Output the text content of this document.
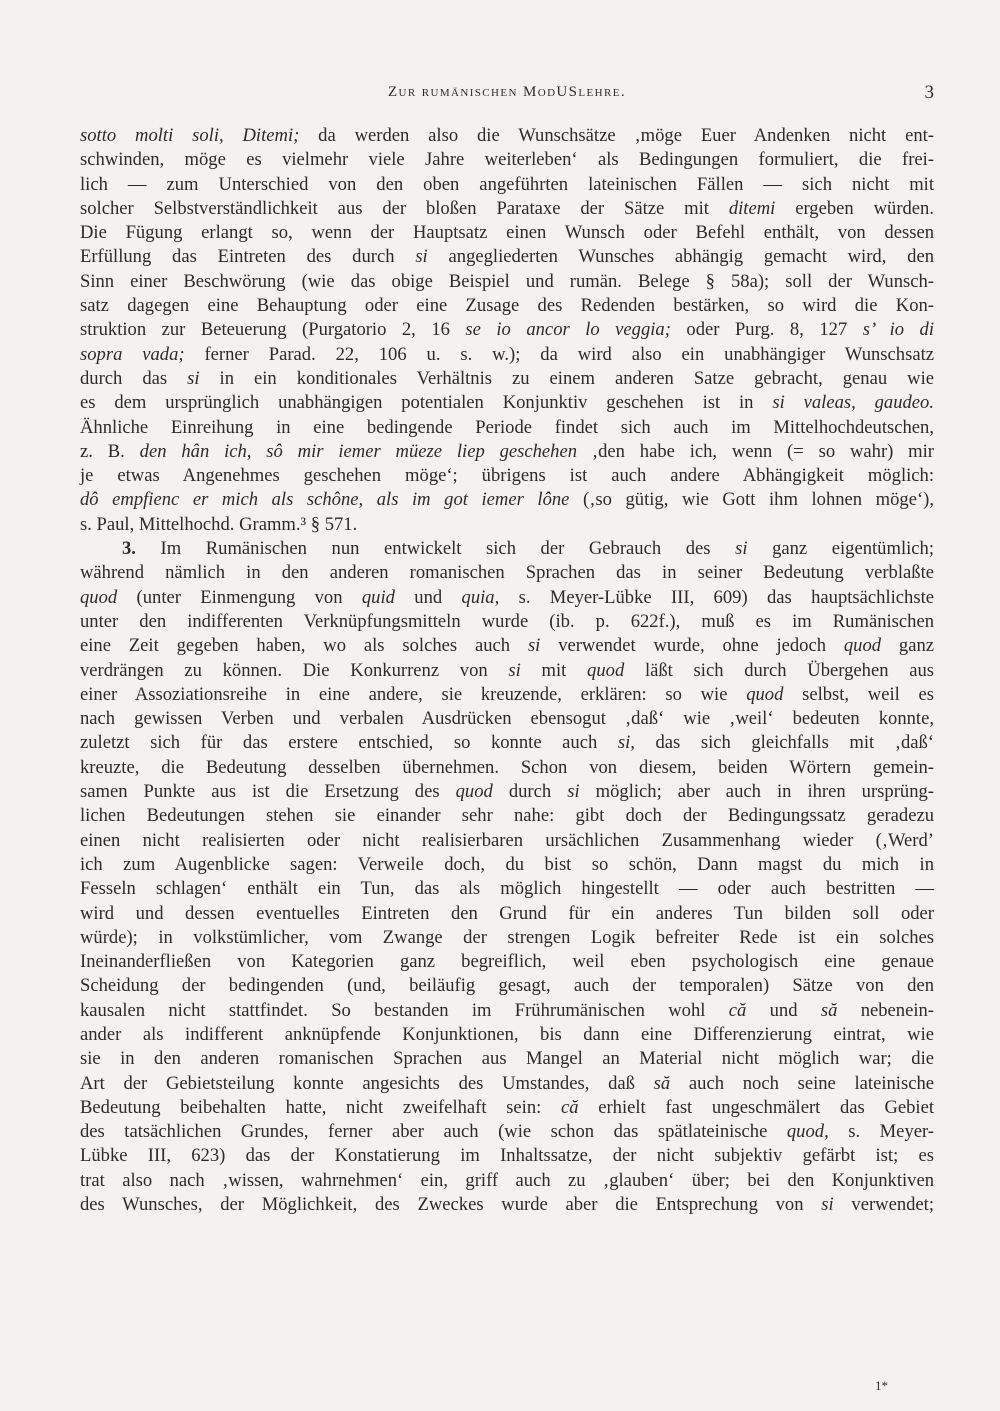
Zur rumänischen ModUSlehre.	3
sotto molti soli, Ditemi; da werden also die Wunschsätze ‚möge Euer Andenken nicht ent-
schwinden, möge es vielmehr viele Jahre weiterleben‘ als Bedingungen formuliert, die frei-
lich — zum Unterschied von den oben angeführten lateinischen Fällen — sich nicht mit
solcher Selbstverständlichkeit aus der bloßen Parataxe der Sätze mit ditemi ergeben würden.
Die Fügung erlangt so, wenn der Hauptsatz einen Wunsch oder Befehl enthält, von dessen
Erfüllung das Eintreten des durch si angegliederten Wunsches abhängig gemacht wird, den
Sinn einer Beschwörung (wie das obige Beispiel und rumän. Belege § 58a); soll der Wunsch-
satz dagegen eine Behauptung oder eine Zusage des Redenden bestärken, so wird die Kon-
struktion zur Beteuerung (Purgatorio 2, 16 se io ancor lo veggia; oder Purg. 8, 127 s’ io di
sopra vada; ferner Parad. 22, 106 u. s. w.); da wird also ein unabhängiger Wunschsatz
durch das si in ein konditionales Verhältnis zu einem anderen Satze gebracht, genau wie
es dem ursprünglich unabhängigen potentialen Konjunktiv geschehen ist in si valeas, gaudeo.
Ähnliche Einreihung in eine bedingende Periode findet sich auch im Mittelhochdeutschen,
z. B. den hân ich, sô mir iemer müeze liep geschehen ‚den habe ich, wenn (= so wahr) mir
je etwas Angenehmes geschehen möge‘; übrigens ist auch andere Abhängigkeit möglich:
dô empfienc er mich als schône, als im got iemer lône (‚so gütig, wie Gott ihm lohnen möge‘),
s. Paul, Mittelhochd. Gramm.³ § 571.
3. Im Rumänischen nun entwickelt sich der Gebrauch des si ganz eigentümlich;
während nämlich in den anderen romanischen Sprachen das in seiner Bedeutung verblaßte
quod (unter Einmengung von quid und quia, s. Meyer-Lübke III, 609) das hauptsächlichste
unter den indifferenten Verknüpfungsmitteln wurde (ib. p. 622f.), muß es im Rumänischen
eine Zeit gegeben haben, wo als solches auch si verwendet wurde, ohne jedoch quod ganz
verdrängen zu können. Die Konkurrenz von si mit quod läßt sich durch Übergehen aus
einer Assoziationsreihe in eine andere, sie kreuzende, erklären: so wie quod selbst, weil es
nach gewissen Verben und verbalen Ausdrücken ebensogut ‚daß‘ wie ‚weil‘ bedeuten konnte,
zuletzt sich für das erstere entschied, so konnte auch si, das sich gleichfalls mit ‚daß‘
kreuzte, die Bedeutung desselben übernehmen. Schon von diesem, beiden Wörtern gemein-
samen Punkte aus ist die Ersetzung des quod durch si möglich; aber auch in ihren ursprüng-
lichen Bedeutungen stehen sie einander sehr nahe: gibt doch der Bedingungssatz geradezu
einen nicht realisierten oder nicht realisierbaren ursächlichen Zusammenhang wieder (‚Werd’
ich zum Augenblicke sagen: Verweile doch, du bist so schön, Dann magst du mich in
Fesseln schlagen‘ enthält ein Tun, das als möglich hingestellt — oder auch bestritten —
wird und dessen eventuelles Eintreten den Grund für ein anderes Tun bilden soll oder
würde); in volkstümlicher, vom Zwange der strengen Logik befreiter Rede ist ein solches
Ineinanderfließen von Kategorien ganz begreiflich, weil eben psychologisch eine genaue
Scheidung der bedingenden (und, beiläufig gesagt, auch der temporalen) Sätze von den
kausalen nicht stattfindet. So bestanden im Frührumänischen wohl că und să nebenein-
ander als indifferent anknüpfende Konjunktionen, bis dann eine Differenzierung eintrat, wie
sie in den anderen romanischen Sprachen aus Mangel an Material nicht möglich war; die
Art der Gebietsteilung konnte angesichts des Umstandes, daß să auch noch seine lateinische
Bedeutung beibehalten hatte, nicht zweifelhaft sein: că erhielt fast ungeschmälert das Gebiet
des tatsächlichen Grundes, ferner aber auch (wie schon das spätlateinische quod, s. Meyer-
Lübke III, 623) das der Konstatierung im Inhaltssatze, der nicht subjektiv gefärbt ist; es
trat also nach ‚wissen, wahrnehmen‘ ein, griff auch zu ‚glauben‘ über; bei den Konjunktiven
des Wunsches, der Möglichkeit, des Zweckes wurde aber die Entsprechung von si verwendet;
1*
